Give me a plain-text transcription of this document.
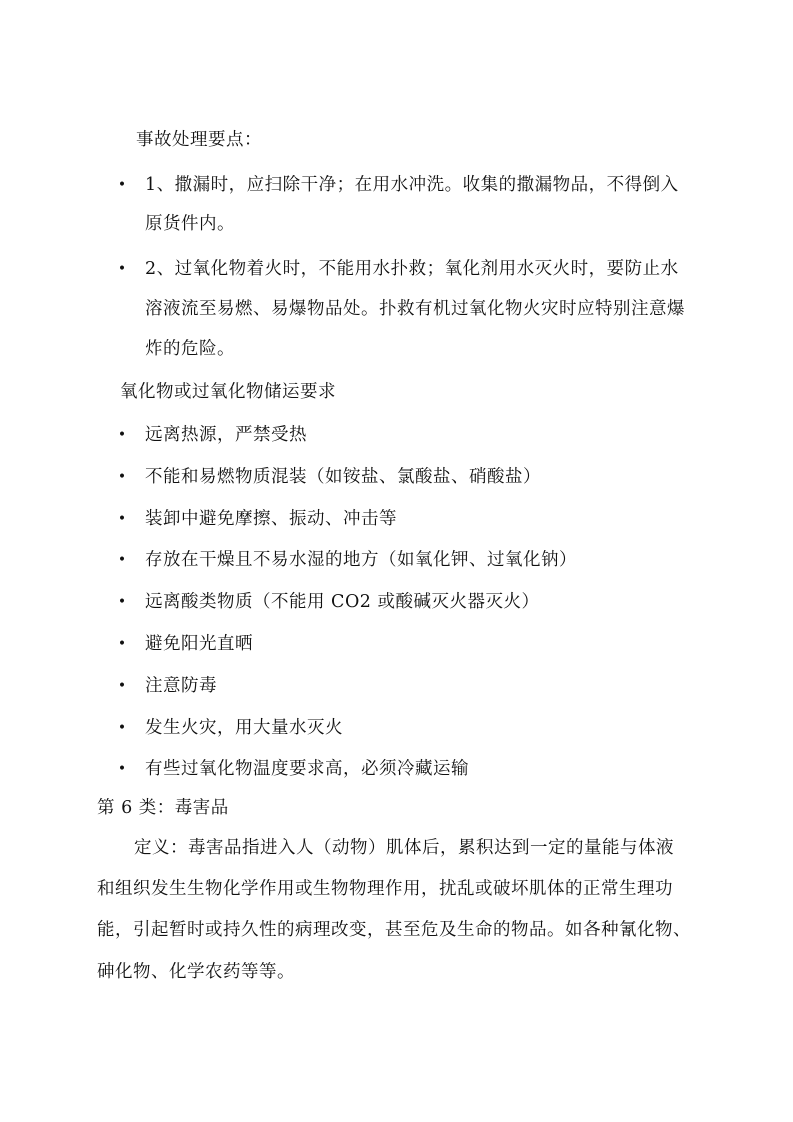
事故处理要点：
• 1、撒漏时，应扫除干净；在用水冲洗。收集的撒漏物品，不得倒入
原货件内。
• 2、过氧化物着火时，不能用水扑救；氧化剂用水灭火时，要防止水
溶液流至易燃、易爆物品处。扑救有机过氧化物火灾时应特别注意爆
炸的危险。
氧化物或过氧化物储运要求
• 远离热源，严禁受热
• 不能和易燃物质混装（如铵盐、氯酸盐、硝酸盐）
• 装卸中避免摩擦、振动、冲击等
• 存放在干燥且不易水湿的地方（如氧化钾、过氧化钠）
• 远离酸类物质（不能用 CO2 或酸碱灭火器灭火）
• 避免阳光直晒
• 注意防毒
• 发生火灾，用大量水灭火
• 有些过氧化物温度要求高，必须冷藏运输
第 6 类：毒害品
定义：毒害品指进入人（动物）肌体后，累积达到一定的量能与体液
和组织发生生物化学作用或生物物理作用，扰乱或破坏肌体的正常生理功
能，引起暂时或持久性的病理改变，甚至危及生命的物品。如各种氰化物、
砷化物、化学农药等等。
